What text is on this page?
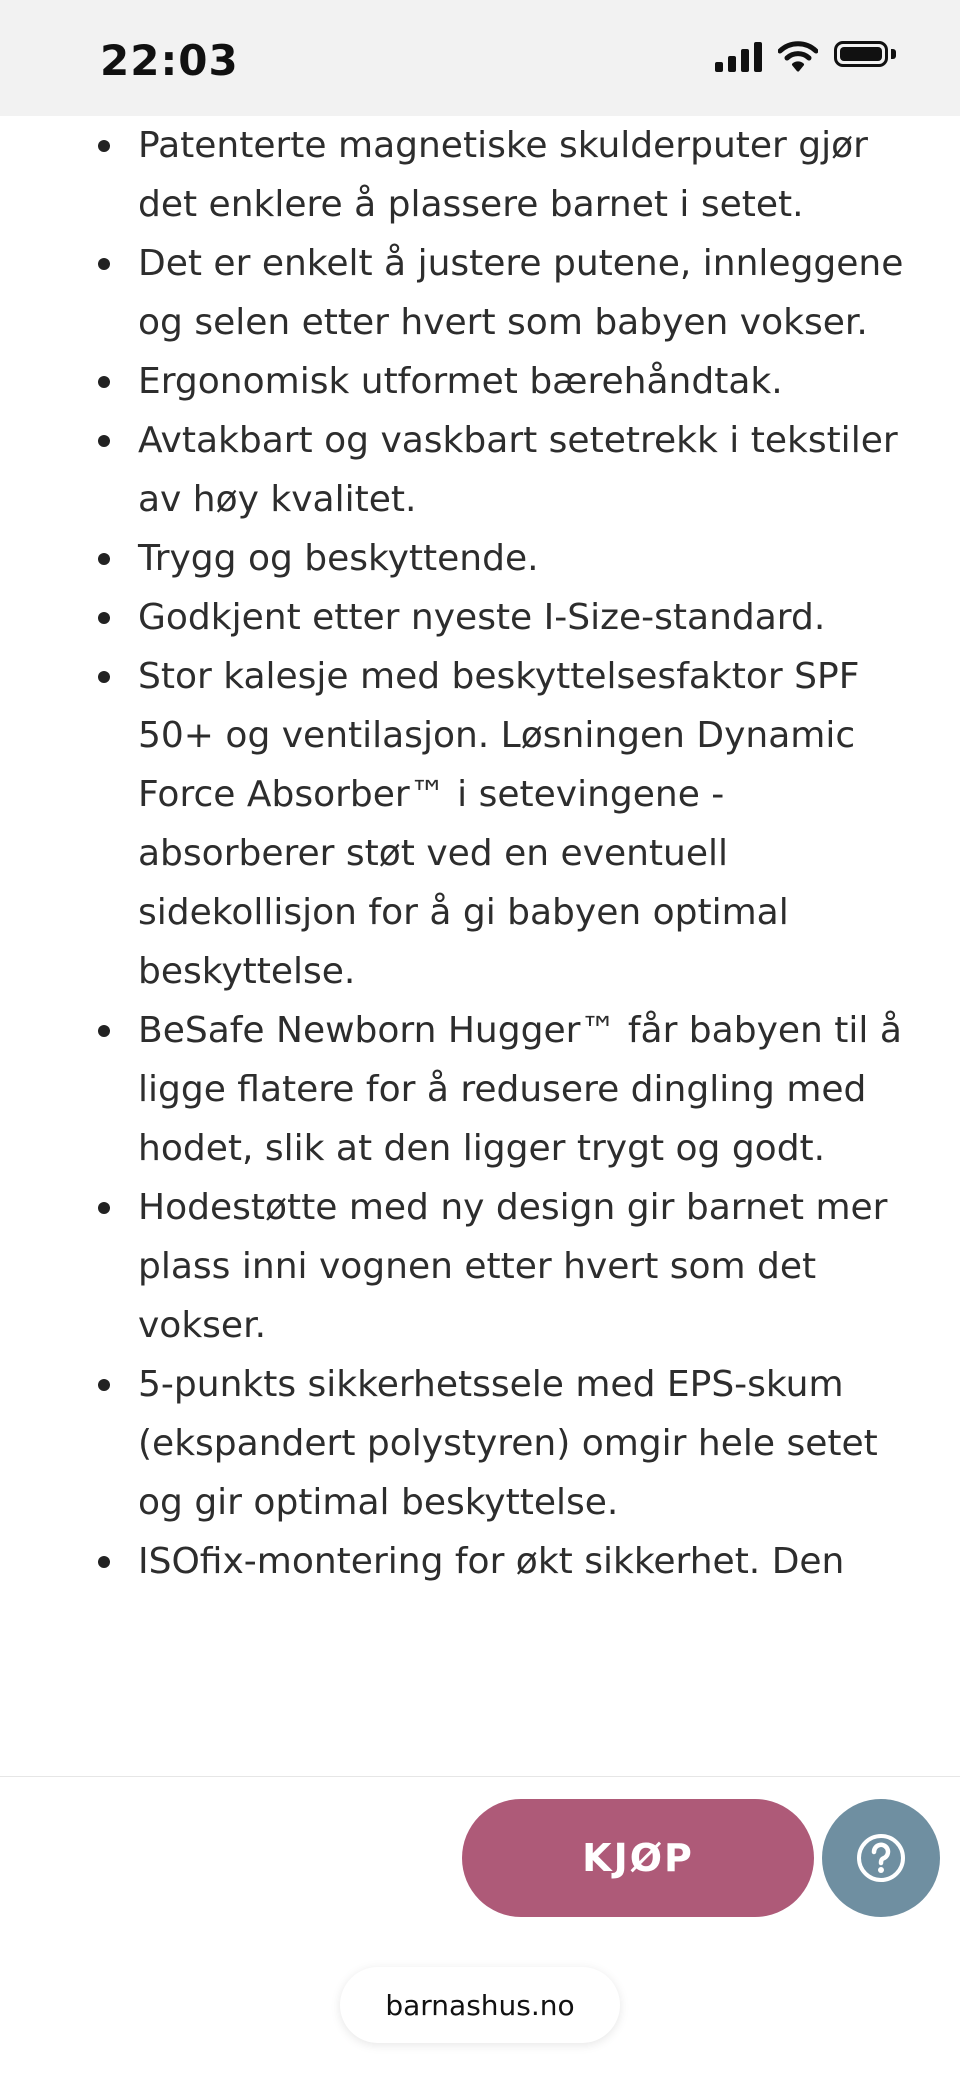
22:03
Patenterte magnetiske skulderputer gjør det enklere å plassere barnet i setet.
Det er enkelt å justere putene, innleggene og selen etter hvert som babyen vokser.
Ergonomisk utformet bærehåndtak.
Avtakbart og vaskbart setetrekk i tekstiler av høy kvalitet.
Trygg og beskyttende.
Godkjent etter nyeste I-Size-standard.
Stor kalesje med beskyttelsesfaktor SPF 50+ og ventilasjon. Løsningen Dynamic Force Absorber™ i setevingene - absorberer støt ved en eventuell sidekollisjon for å gi babyen optimal beskyttelse.
BeSafe Newborn Hugger™ får babyen til å ligge flatere for å redusere dingling med hodet, slik at den ligger trygt og godt.
Hodestøtte med ny design gir barnet mer plass inni vognen etter hvert som det vokser.
5-punkts sikkerhetssele med EPS-skum (ekspandert polystyren) omgir hele setet og gir optimal beskyttelse.
ISOfix-montering for økt sikkerhet. Den
KJØP
barnashus.no
